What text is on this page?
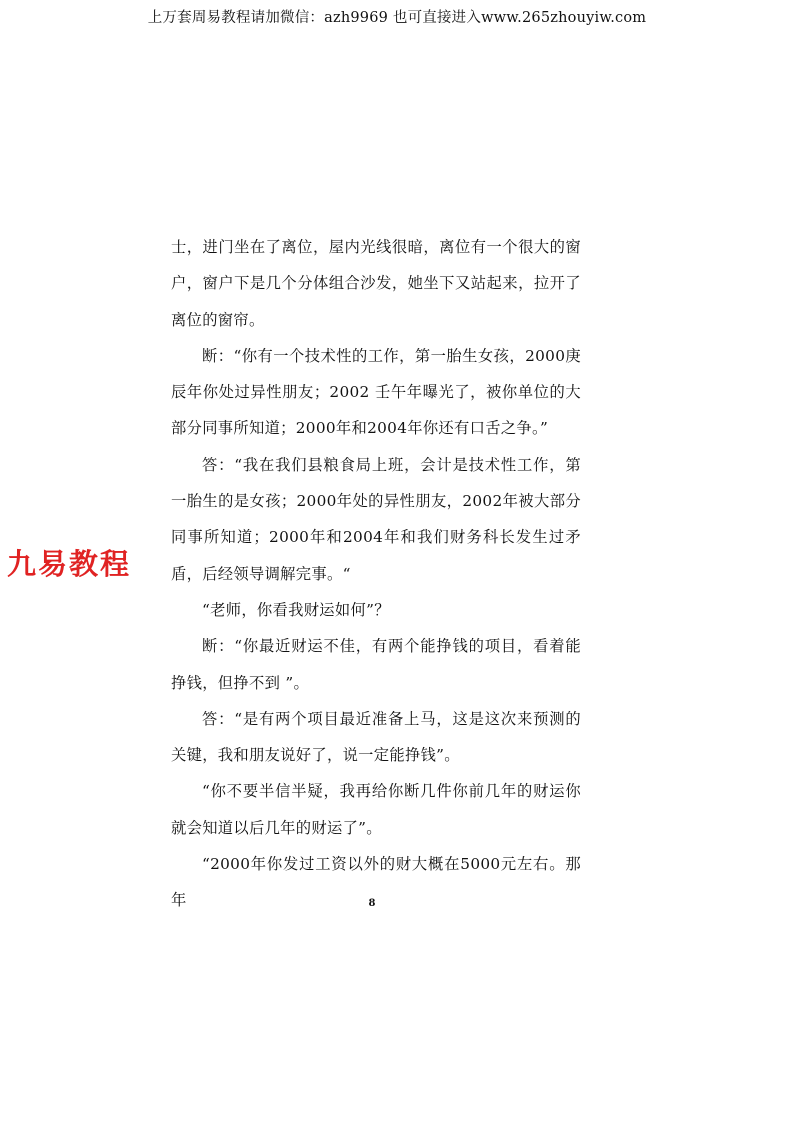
上万套周易教程请加微信：azh9969 也可直接进入www.265zhouyiw.com

士，进门坐在了离位，屋内光线很暗，离位有一个很大的窗户，窗户下是几个分体组合沙发，她坐下又站起来，拉开了离位的窗帘。

断：“你有一个技术性的工作，第一胎生女孩，2000庚辰年你处过异性朋友；2002 壬午年曝光了，被你单位的大部分同事所知道；2000年和2004年你还有口舌之争。”

答：“我在我们县粮食局上班，会计是技术性工作，第一胎生的是女孩；2000年处的异性朋友，2002年被大部分同事所知道；2000年和2004年和我们财务科长发生过矛盾，后经领导调解完事。“

“老师，你看我财运如何”？

断：“你最近财运不佳，有两个能挣钱的项目，看着能挣钱，但挣不到 ”。

答：“是有两个项目最近准备上马，这是这次来预测的关键，我和朋友说好了，说一定能挣钱”。

“你不要半信半疑，我再给你断几件你前几年的财运你就会知道以后几年的财运了”。

“2000年你发过工资以外的财大概在5000元左右。那年

九易教程
8
